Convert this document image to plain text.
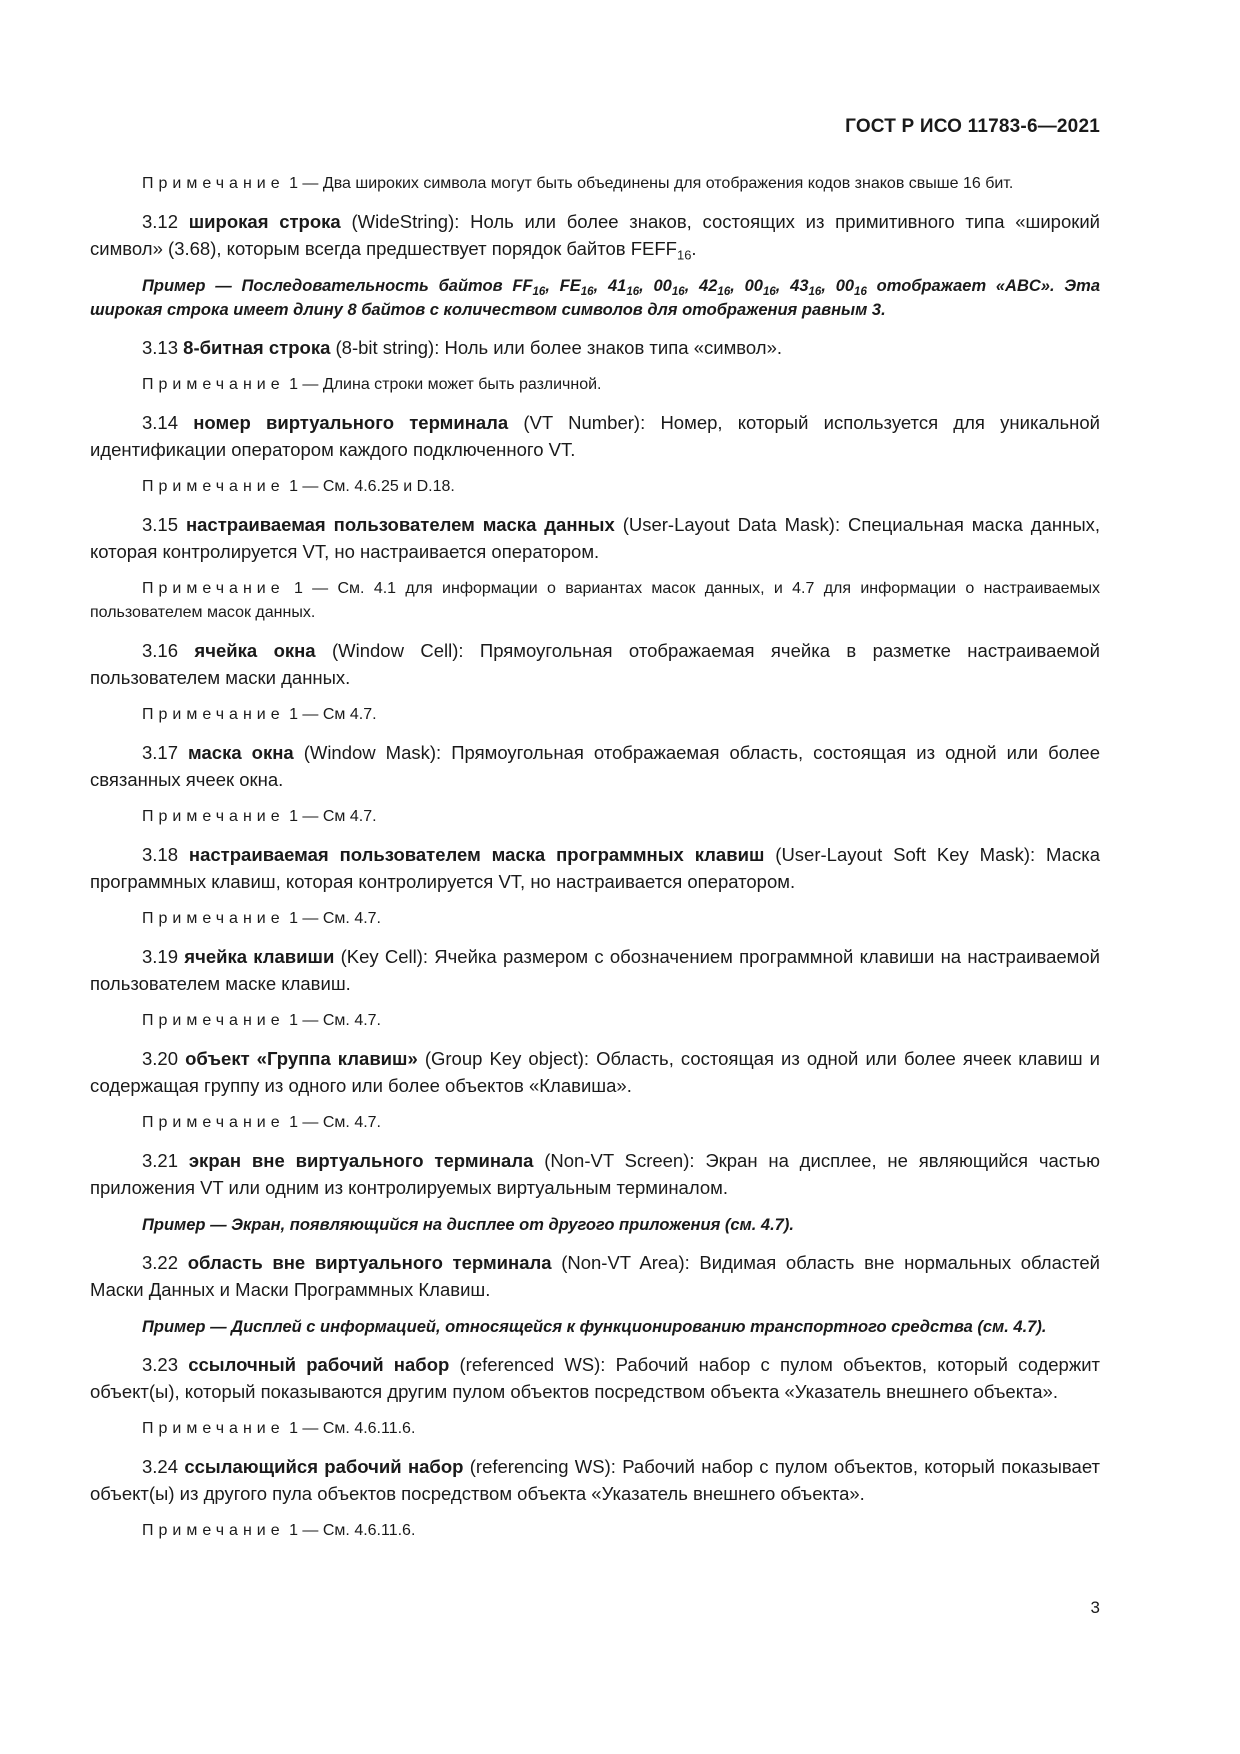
ГОСТ Р ИСО 11783-6—2021

Примечание 1 — Два широких символа могут быть объединены для отображения кодов знаков свыше 16 бит.

3.12 широкая строка (WideString): Ноль или более знаков, состоящих из примитивного типа «широкий символ» (3.68), которым всегда предшествует порядок байтов $FEFF_{16}$.

Пример — Последовательность байтов $FF_{16}$, $FE_{16}$, $41_{16}$, $00_{16}$, $42_{16}$, $00_{16}$, $43_{16}$, $00_{16}$ отображает «ABC». Эта широкая строка имеет длину 8 байтов с количеством символов для отображения равным 3.

3.13 8-битная строка (8-bit string): Ноль или более знаков типа «символ».

Примечание 1 — Длина строки может быть различной.

3.14 номер виртуального терминала (VT Number): Номер, который используется для уникальной идентификации оператором каждого подключенного VT.

Примечание 1 — См. 4.6.25 и D.18.

3.15 настраиваемая пользователем маска данных (User-Layout Data Mask): Специальная маска данных, которая контролируется VT, но настраивается оператором.

Примечание 1 — См. 4.1 для информации о вариантах масок данных, и 4.7 для информации о настраиваемых пользователем масок данных.

3.16 ячейка окна (Window Cell): Прямоугольная отображаемая ячейка в разметке настраиваемой пользователем маски данных.

Примечание 1 — См 4.7.

3.17 маска окна (Window Mask): Прямоугольная отображаемая область, состоящая из одной или более связанных ячеек окна.

Примечание 1 — См 4.7.

3.18 настраиваемая пользователем маска программных клавиш (User-Layout Soft Key Mask): Маска программных клавиш, которая контролируется VT, но настраивается оператором.

Примечание 1 — См. 4.7.

3.19 ячейка клавиши (Key Cell): Ячейка размером с обозначением программной клавиши на настраиваемой пользователем маске клавиш.

Примечание 1 — См. 4.7.

3.20 объект «Группа клавиш» (Group Key object): Область, состоящая из одной или более ячеек клавиш и содержащая группу из одного или более объектов «Клавиша».

Примечание 1 — См. 4.7.

3.21 экран вне виртуального терминала (Non-VT Screen): Экран на дисплее, не являющийся частью приложения VT или одним из контролируемых виртуальным терминалом.

Пример — Экран, появляющийся на дисплее от другого приложения (см. 4.7).

3.22 область вне виртуального терминала (Non-VT Area): Видимая область вне нормальных областей Маски Данных и Маски Программных Клавиш.

Пример — Дисплей с информацией, относящейся к функционированию транспортного средства (см. 4.7).

3.23 ссылочный рабочий набор (referenced WS): Рабочий набор с пулом объектов, который содержит объект(ы), который показываются другим пулом объектов посредством объекта «Указатель внешнего объекта».

Примечание 1 — См. 4.6.11.6.

3.24 ссылающийся рабочий набор (referencing WS): Рабочий набор с пулом объектов, который показывает объект(ы) из другого пула объектов посредством объекта «Указатель внешнего объекта».

Примечание 1 — См. 4.6.11.6.

3
